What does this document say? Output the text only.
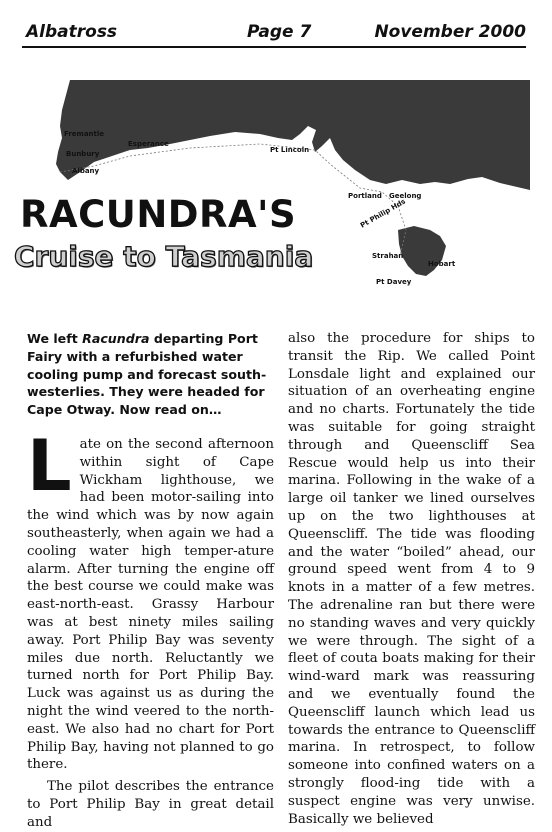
Albatross	Page 7	November 2000
Fremantle
Bunbury
Albany
Esperance
Pt Lincoln
Portland Geelong
Pt Philip Hds
Strahan
Hobart
Pt Davey
RACUNDRA'S
Cruise to Tasmania

We left Racundra departing Port Fairy with a refurbished water cooling pump and forecast south-westerlies. They were headed for Cape Otway. Now read on…

Late on the second afternoon within sight of Cape Wickham lighthouse, we had been motor-sailing into the wind which was by now again southeasterly, when again we had a cooling water high temper-ature alarm. After turning the engine off the best course we could make was east-north-east. Grassy Harbour was at best ninety miles sailing away. Port Philip Bay was seventy miles due north. Reluctantly we turned north for Port Philip Bay. Luck was against us as during the night the wind veered to the north-east. We also had no chart for Port Philip Bay, having not planned to go there.

The pilot describes the entrance to Port Philip Bay in great detail and

also the procedure for ships to transit the Rip. We called Point Lonsdale light and explained our situation of an overheating engine and no charts. Fortunately the tide was suitable for going straight through and Queenscliff Sea Rescue would help us into their marina. Following in the wake of a large oil tanker we lined ourselves up on the two lighthouses at Queenscliff. The tide was flooding and the water “boiled” ahead, our ground speed went from 4 to 9 knots in a matter of a few metres. The adrenaline ran but there were no standing waves and very quickly we were through. The sight of a fleet of couta boats making for their wind-ward mark was reassuring and we eventually found the Queenscliff launch which lead us towards the entrance to Queenscliff marina. In retrospect, to follow someone into confined waters on a strongly flood-ing tide with a suspect engine was very unwise. Basically we believed
